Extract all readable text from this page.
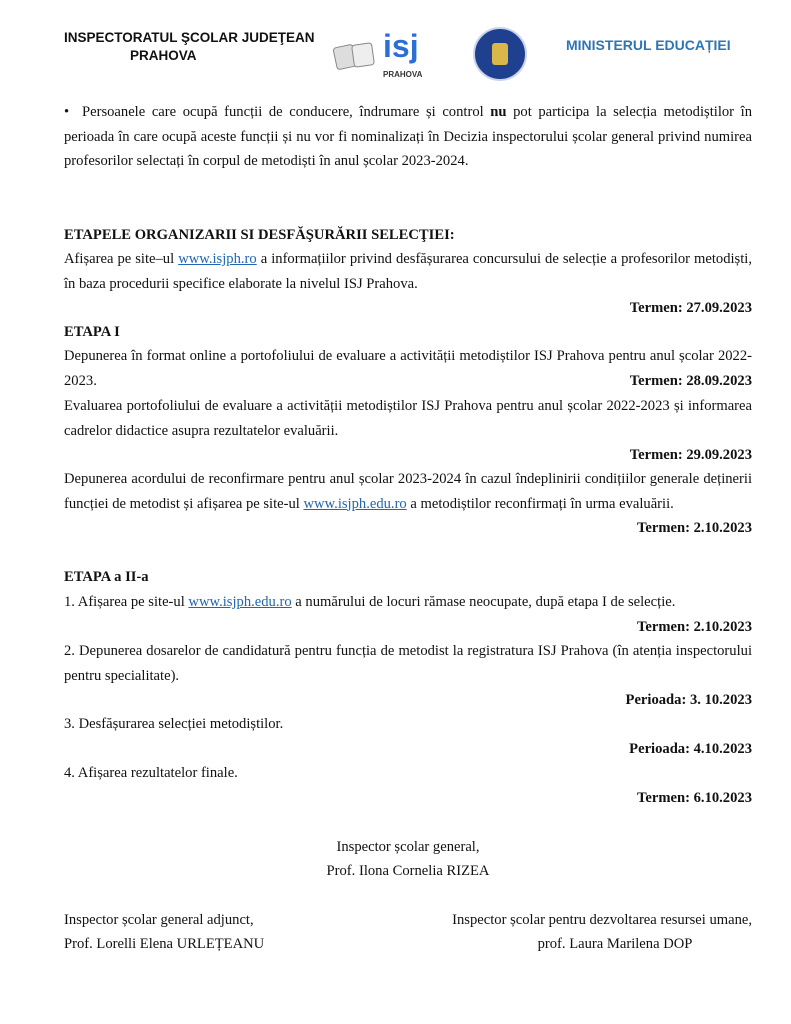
INSPECTORATUL ŞCOLAR JUDEŢEAN
PRAHOVA	isj
PRAHOVA
MINISTERUL EDUCAȚIEI
• Persoanele care ocupă funcții de conducere, îndrumare și control nu pot participa la selecția metodiștilor în perioada în care ocupă aceste funcții și nu vor fi nominalizați în Decizia inspectorului școlar general privind numirea profesorilor selectați în corpul de metodiști în anul școlar 2023-2024.
ETAPELE ORGANIZARII SI DESFĂŞURĂRII SELECŢIEI:
Afișarea pe site–ul www.isjph.ro a informațiilor privind desfășurarea concursului de selecție a profesorilor metodiști, în baza procedurii specifice elaborate la nivelul ISJ Prahova.
Termen: 27.09.2023
ETAPA I
Depunerea în format online a portofoliului de evaluare a activității metodiștilor ISJ Prahova pentru anul școlar 2022-2023.	Termen: 28.09.2023
Evaluarea portofoliului de evaluare a activității metodiștilor ISJ Prahova pentru anul școlar 2022-2023 și informarea cadrelor didactice asupra rezultatelor evaluării.
Termen: 29.09.2023
Depunerea acordului de reconfirmare pentru anul școlar 2023-2024 în cazul îndeplinirii condițiilor generale deținerii funcției de metodist și afișarea pe site-ul www.isjph.edu.ro a metodiștilor reconfirmați în urma evaluării.
Termen: 2.10.2023
ETAPA a II-a
1. Afișarea pe site-ul www.isjph.edu.ro a numărului de locuri rămase neocupate, după etapa I de selecție.
Termen: 2.10.2023
2. Depunerea dosarelor de candidatură pentru funcția de metodist la registratura ISJ Prahova (în atenția inspectorului pentru specialitate).
Perioada: 3. 10.2023
3. Desfășurarea selecției metodiștilor.
Perioada: 4.10.2023
4. Afișarea rezultatelor finale.
Termen: 6.10.2023
Inspector școlar general,
Prof. Ilona Cornelia RIZEA
Inspector școlar general adjunct,
Prof. Lorelli Elena URLEȚEANU
Inspector școlar pentru dezvoltarea resursei umane,
prof. Laura Marilena DOP
